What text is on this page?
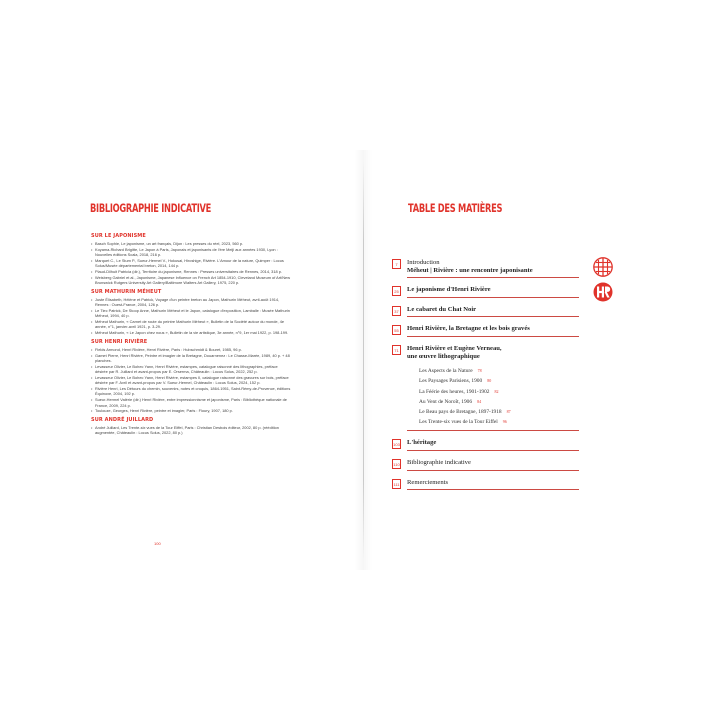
BIBLIOGRAPHIE INDICATIVE
SUR LE JAPONISME
• Basch Sophie, Le japonisme, un art français, Dijon : Les presses du réel, 2023, 560 p.
• Koyama-Richard Brigitte, Le Japon à Paris, Japonais et japonisants de l'ère Meiji aux années 1930, Lyon : Nouvelles éditions Scala, 2018, 216 p.
• Marquet C., Le Stum P., Sueur-Hermel V., Hokusai, Hiroshige, Rivière. L'Amour de la nature, Quimper : Locus Solus/Musée départemental breton, 2014, 144 p.
• Plaud-Dilhuit Patricia (dir.), Territoire du japonisme, Rennes : Presses universitaires de Rennes, 2014, 318 p.
• Weisberg Gabriel et al., Japonisme, Japanese Influence on French Art 1854-1910, Cleveland Museum of Art/New Brunswick Rutgers University Art Gallery/Baltimore Walters Art Gallery, 1975, 220 p.
SUR MATHURIN MÉHEUT
• Juste Élisabeth, Hélène et Patrick, Voyage d'un peintre breton au Japon, Mathurin Méheut, avril-août 1914, Rennes : Ouest-France, 2004, 126 p.
• Le Tiec Patrick, De Stoop Anne, Mathurin Méheut et le Japon, catalogue d'exposition, Lamballe : Musée Mathurin Méheut, 1994, 40 p.
• Méheut Mathurin, « Carnet de route du peintre Mathurin Méheut », Bulletin de la Société autour du monde, 4e année, n°1, janvier-avril 1921, p. 3-29.
• Méheut Mathurin, « Le Japon chez nous », Bulletin de la vie artistique, 3e année, n°9, 1er mai 1922, p. 198-199.
SUR HENRI RIVIÈRE
• Fields Armond, Henri Rivière, Henri Rivière, Paris : Hubschmidt & Bouret, 1985, 96 p.
• Gamet Pierre, Henri Rivière, Peintre et imagier de la Bretagne, Douarnenez : Le Chasse-Marée, 1989, 40 p. + 48 planches.
• Levasseur Olivier, Le Bohec Yann, Henri Rivière, estampes, catalogue raisonné des lithographies, préface désirée par R. Juillard et avant-propos par E. Orserma, Châteaulin : Locus Solus, 2022, 252 p.
• Levasseur Olivier, Le Bohec Yann, Henri Rivière, estampes II, catalogue raisonné des gravures sur bois, préface désirée par F. Avril et avant-propos par V. Sueur-Hermel, Châteaulin : Locus Solus, 2024, 152 p.
• Rivière Henri, Les Détours du chemin, souvenirs, notes et croquis, 1864-1951, Saint-Rémy-de-Provence, éditions Équinoxe, 2004, 192 p.
• Sueur-Hermel Valérie (dir.) Henri Rivière, entre impressionnisme et japonisme, Paris : Bibliothèque nationale de France, 2009, 224 p.
• Toulouze, Georges, Henri Rivière, peintre et imagier, Paris : Floury, 1907, 180 p.
SUR ANDRÉ JUILLARD
• André Juillard, Les Trente-six vues de la Tour Eiffel, Paris : Christian Desbois éditeur, 2002, 80 p. (réédition augmentée, Châteaulin : Locus Solus, 2022, 80 p.)
100
TABLE DES MATIÈRES
7	Introduction
Méheut | Rivière : une rencontre japonisante
25	Le japonisme d'Henri Rivière
37	Le cabaret du Chat Noir
55	Henri Rivière, la Bretagne et les bois gravés
71	Henri Rivière et Eugène Verneau,
une œuvre lithographique
Les Aspects de la Nature 78
Les Paysages Parisiens, 1900 80
La Féérie des heures, 1901-1902 82
Au Vent de Noroît, 1906 84
Le Beau pays de Bretagne, 1897-1918 87
Les Trente-six vues de la Tour Eiffel 96
103 L'héritage
110 Bibliographie indicative
111 Remerciements
